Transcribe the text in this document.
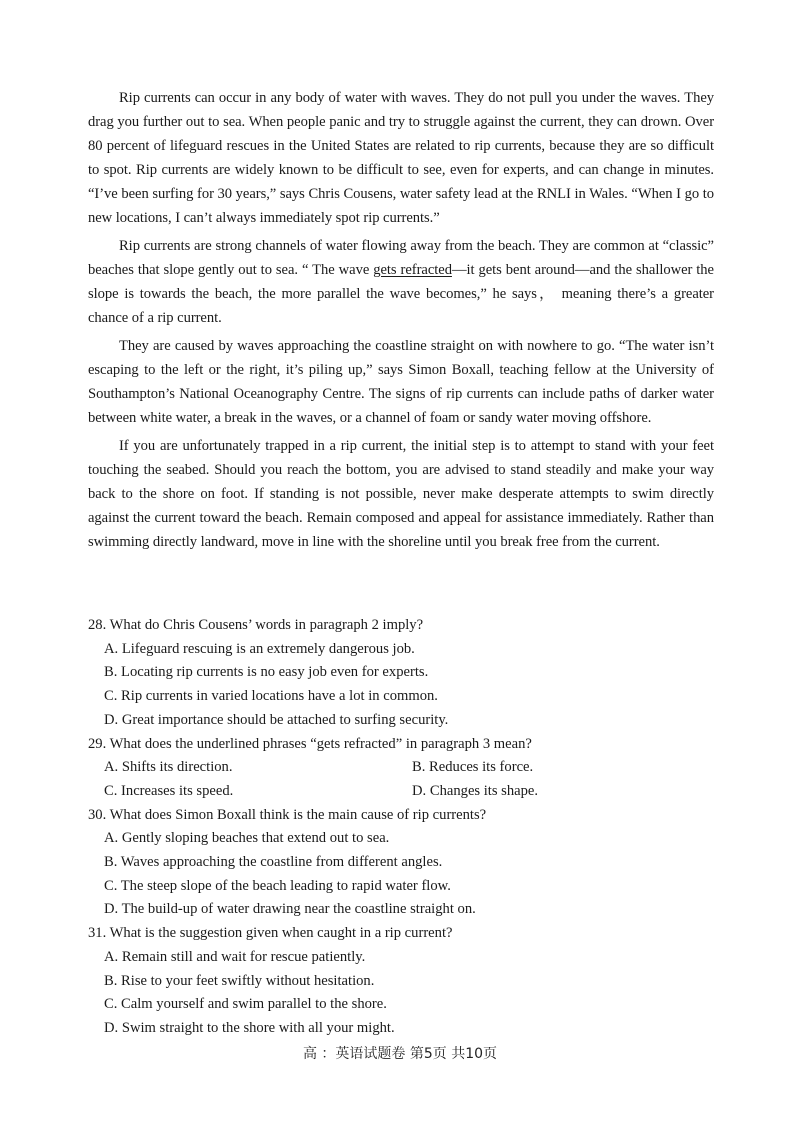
Rip currents can occur in any body of water with waves. They do not pull you under the waves. They drag you further out to sea. When people panic and try to struggle against the current, they can drown. Over 80 percent of lifeguard rescues in the United States are related to rip currents, because they are so difficult to spot. Rip currents are widely known to be difficult to see, even for experts, and can change in minutes. “I’ve been surfing for 30 years,” says Chris Cousens, water safety lead at the RNLI in Wales. “When I go to new locations, I can’t always immediately spot rip currents.”

Rip currents are strong channels of water flowing away from the beach. They are common at “classic” beaches that slope gently out to sea. “ The wave gets refracted—it gets bent around—and the shallower the slope is towards the beach, the more parallel the wave becomes,” he says， meaning there’s a greater chance of a rip current.

They are caused by waves approaching the coastline straight on with nowhere to go. “The water isn’t escaping to the left or the right, it’s piling up,” says Simon Boxall, teaching fellow at the University of Southampton’s National Oceanography Centre. The signs of rip currents can include paths of darker water between white water, a break in the waves, or a channel of foam or sandy water moving offshore.

If you are unfortunately trapped in a rip current, the initial step is to attempt to stand with your feet touching the seabed. Should you reach the bottom, you are advised to stand steadily and make your way back to the shore on foot. If standing is not possible, never make desperate attempts to swim directly against the current toward the beach. Remain composed and appeal for assistance immediately. Rather than swimming directly landward, move in line with the shoreline until you break free from the current.

28. What do Chris Cousens’ words in paragraph 2 imply?

A. Lifeguard rescuing is an extremely dangerous job.

B. Locating rip currents is no easy job even for experts.

C. Rip currents in varied locations have a lot in common.

D. Great importance should be attached to surfing security.

29. What does the underlined phrases “gets refracted” in paragraph 3 mean?

A. Shifts its direction.	B. Reduces its force.
C. Increases its speed.	D. Changes its shape.

30. What does Simon Boxall think is the main cause of rip currents?

A. Gently sloping beaches that extend out to sea.

B. Waves approaching the coastline from different angles.

C. The steep slope of the beach leading to rapid water flow.

D. The build-up of water drawing near the coastline straight on.

31. What is the suggestion given when caught in a rip current?

A. Remain still and wait for rescue patiently.

B. Rise to your feet swiftly without hesitation.

C. Calm yourself and swim parallel to the shore.

D. Swim straight to the shore with all your might.

高 ：英语试题卷 第5页 共10页
